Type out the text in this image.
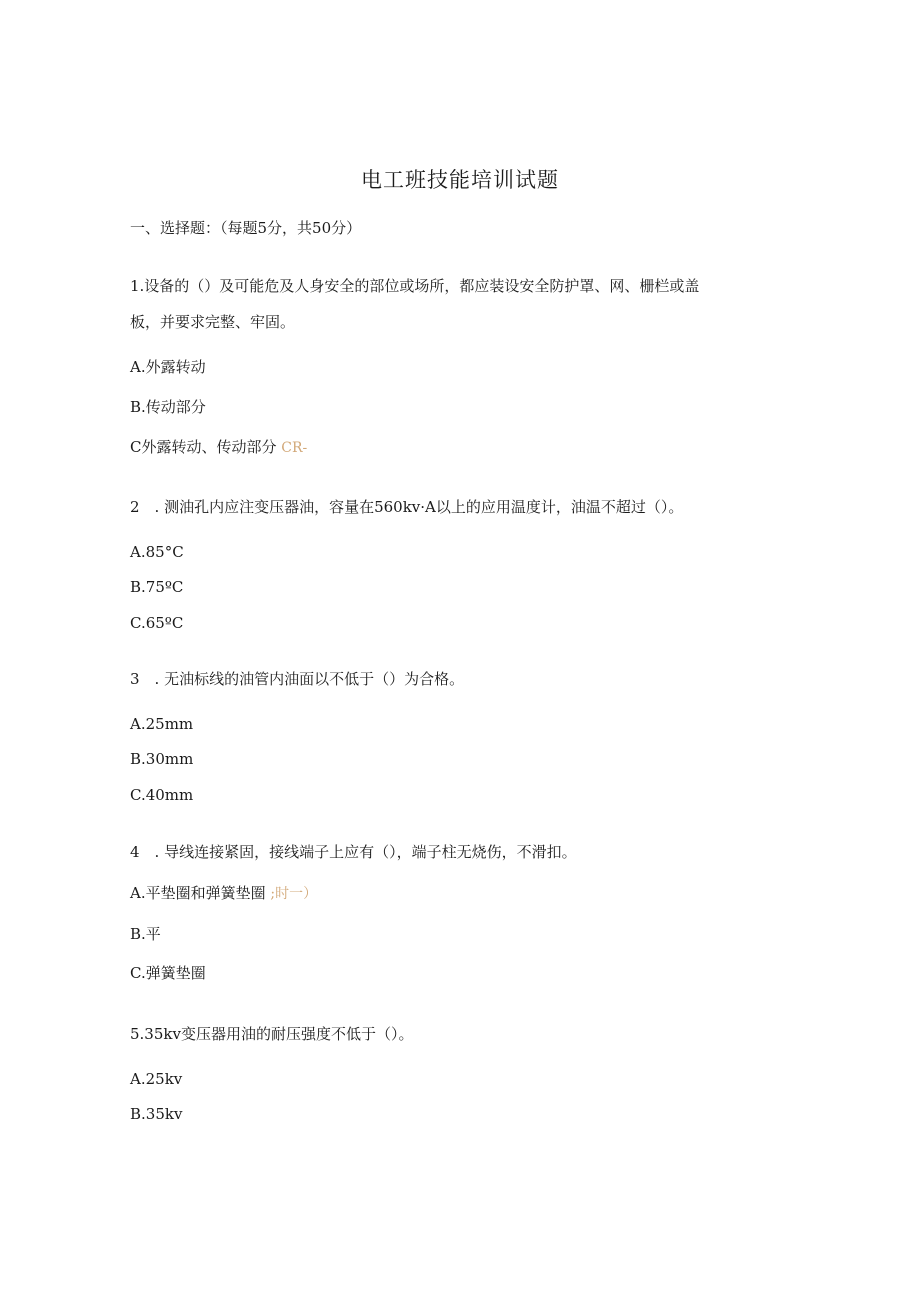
电工班技能培训试题
一、选择题：（每题5分，共50分）
1.设备的（）及可能危及人身安全的部位或场所，都应装设安全防护罩、网、栅栏或盖
板，并要求完整、牢固。
A.外露转动
B.传动部分
C外露转动、传动部分 CR-
2　. 测油孔内应注变压器油，容量在560kv·A以上的应用温度计，油温不超过（）。
A.85°C
B.75ºC
C.65ºC
3　. 无油标线的油管内油面以不低于（）为合格。
A.25mm
B.30mm
C.40mm
4　. 导线连接紧固，接线端子上应有（），端子柱无烧伤，不滑扣。
A.平垫圈和弹簧垫圈 ;时一）
B.平
C.弹簧垫圈
5.35kv变压器用油的耐压强度不低于（）。
A.25kv
B.35kv
